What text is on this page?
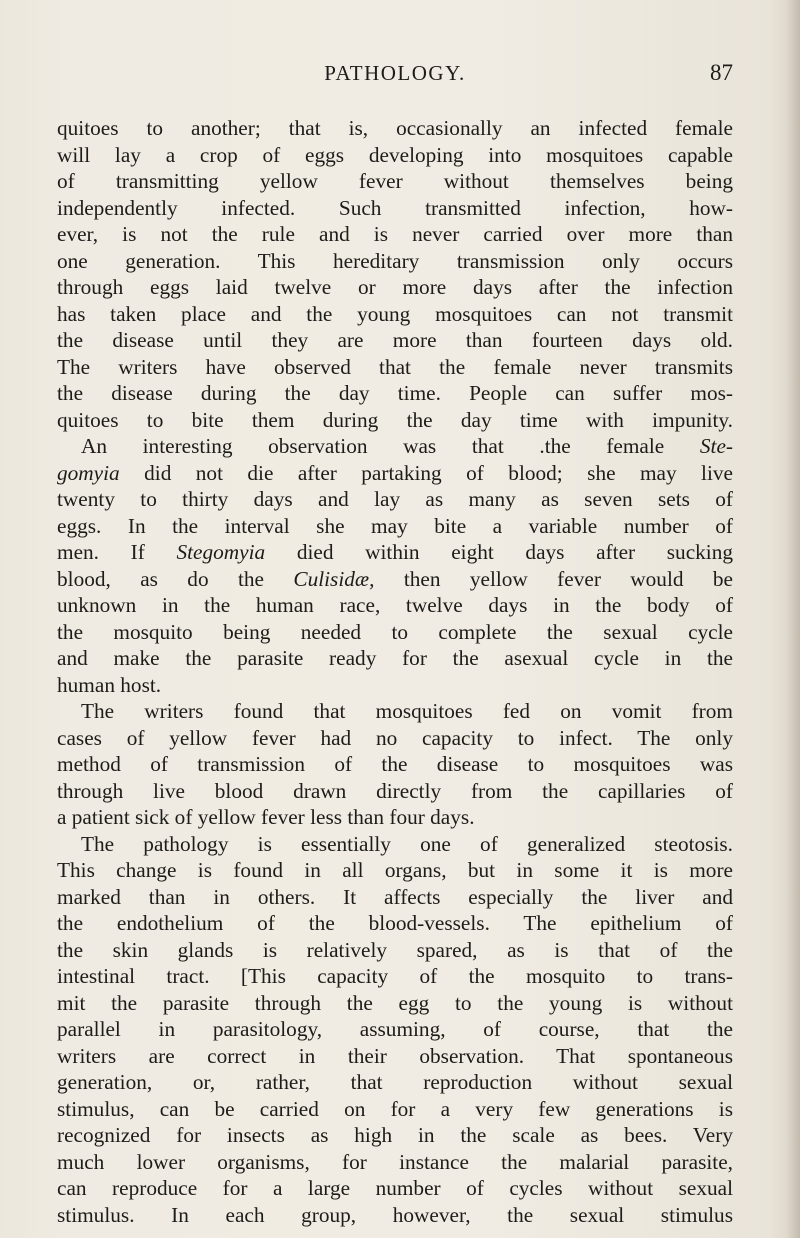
PATHOLOGY.	87
quitoes to another; that is, occasionally an infected female
will lay a crop of eggs developing into mosquitoes capable
of transmitting yellow fever without themselves being
independently infected. Such transmitted infection, how-
ever, is not the rule and is never carried over more than
one generation. This hereditary transmission only occurs
through eggs laid twelve or more days after the infection
has taken place and the young mosquitoes can not transmit
the disease until they are more than fourteen days old.
The writers have observed that the female never transmits
the disease during the day time. People can suffer mos-
quitoes to bite them during the day time with impunity.
An interesting observation was that .the female Ste-
gomyia did not die after partaking of blood; she may live
twenty to thirty days and lay as many as seven sets of
eggs. In the interval she may bite a variable number of
men. If Stegomyia died within eight days after sucking
blood, as do the Culisidæ, then yellow fever would be
unknown in the human race, twelve days in the body of
the mosquito being needed to complete the sexual cycle
and make the parasite ready for the asexual cycle in the
human host.
The writers found that mosquitoes fed on vomit from
cases of yellow fever had no capacity to infect. The only
method of transmission of the disease to mosquitoes was
through live blood drawn directly from the capillaries of
a patient sick of yellow fever less than four days.
The pathology is essentially one of generalized steotosis.
This change is found in all organs, but in some it is more
marked than in others. It affects especially the liver and
the endothelium of the blood-vessels. The epithelium of
the skin glands is relatively spared, as is that of the
intestinal tract. [This capacity of the mosquito to trans-
mit the parasite through the egg to the young is without
parallel in parasitology, assuming, of course, that the
writers are correct in their observation. That spontaneous
generation, or, rather, that reproduction without sexual
stimulus, can be carried on for a very few generations is
recognized for insects as high in the scale as bees. Very
much lower organisms, for instance the malarial parasite,
can reproduce for a large number of cycles without sexual
stimulus. In each group, however, the sexual stimulus
